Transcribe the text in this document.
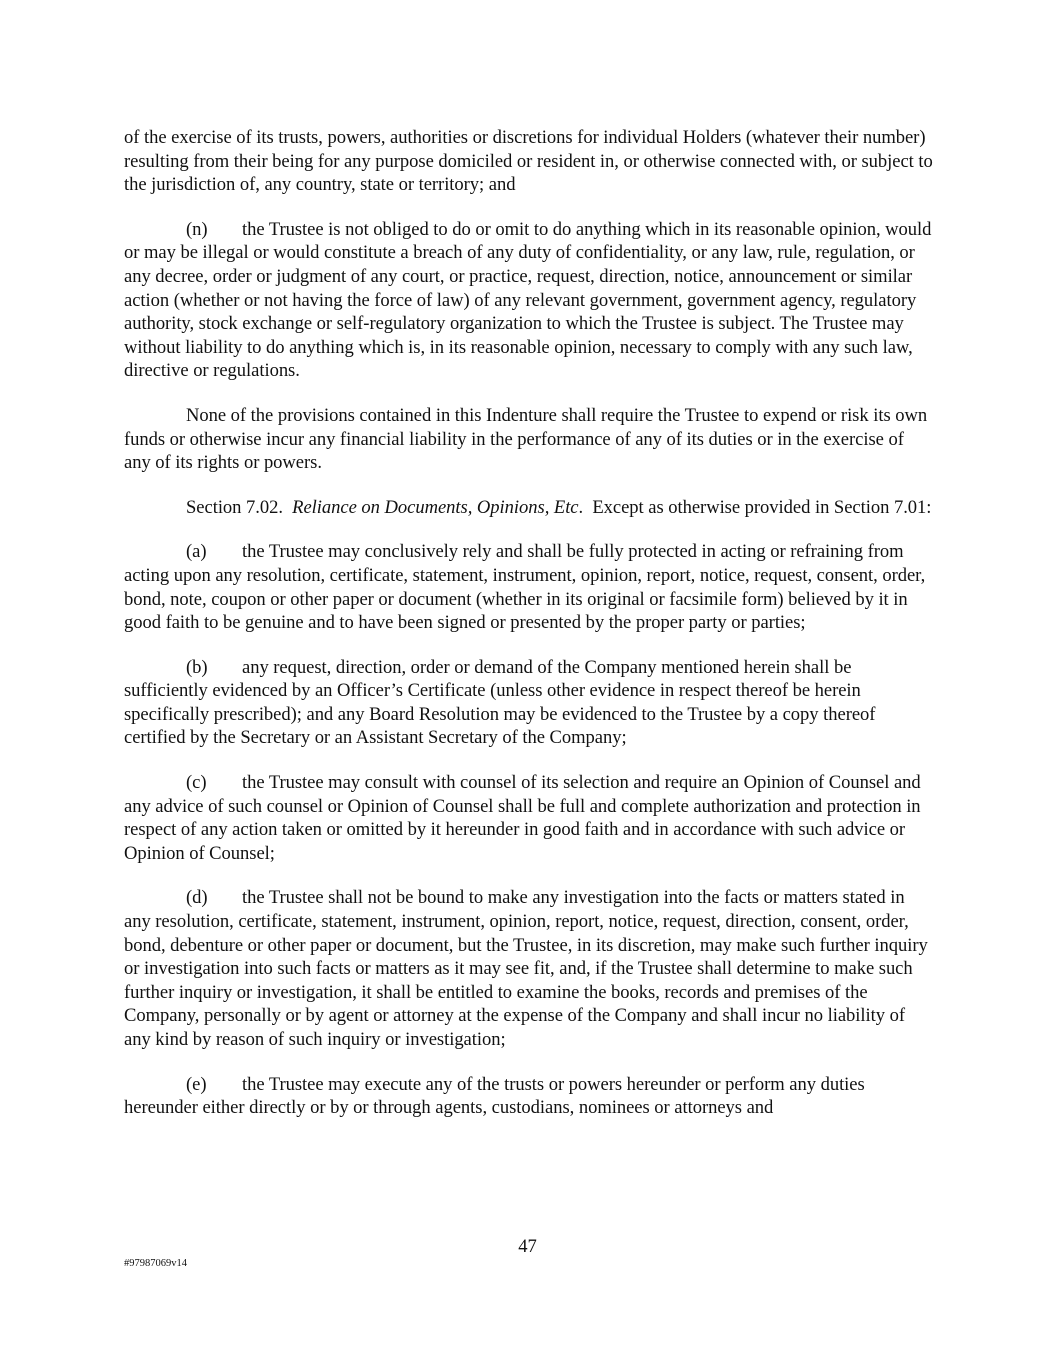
of the exercise of its trusts, powers, authorities or discretions for individual Holders (whatever their number) resulting from their being for any purpose domiciled or resident in, or otherwise connected with, or subject to the jurisdiction of, any country, state or territory; and

(n) the Trustee is not obliged to do or omit to do anything which in its reasonable opinion, would or may be illegal or would constitute a breach of any duty of confidentiality, or any law, rule, regulation, or any decree, order or judgment of any court, or practice, request, direction, notice, announcement or similar action (whether or not having the force of law) of any relevant government, government agency, regulatory authority, stock exchange or self-regulatory organization to which the Trustee is subject. The Trustee may without liability to do anything which is, in its reasonable opinion, necessary to comply with any such law, directive or regulations.

None of the provisions contained in this Indenture shall require the Trustee to expend or risk its own funds or otherwise incur any financial liability in the performance of any of its duties or in the exercise of any of its rights or powers.

Section 7.02. Reliance on Documents, Opinions, Etc. Except as otherwise provided in Section 7.01:

(a) the Trustee may conclusively rely and shall be fully protected in acting or refraining from acting upon any resolution, certificate, statement, instrument, opinion, report, notice, request, consent, order, bond, note, coupon or other paper or document (whether in its original or facsimile form) believed by it in good faith to be genuine and to have been signed or presented by the proper party or parties;

(b) any request, direction, order or demand of the Company mentioned herein shall be sufficiently evidenced by an Officer’s Certificate (unless other evidence in respect thereof be herein specifically prescribed); and any Board Resolution may be evidenced to the Trustee by a copy thereof certified by the Secretary or an Assistant Secretary of the Company;

(c) the Trustee may consult with counsel of its selection and require an Opinion of Counsel and any advice of such counsel or Opinion of Counsel shall be full and complete authorization and protection in respect of any action taken or omitted by it hereunder in good faith and in accordance with such advice or Opinion of Counsel;

(d) the Trustee shall not be bound to make any investigation into the facts or matters stated in any resolution, certificate, statement, instrument, opinion, report, notice, request, direction, consent, order, bond, debenture or other paper or document, but the Trustee, in its discretion, may make such further inquiry or investigation into such facts or matters as it may see fit, and, if the Trustee shall determine to make such further inquiry or investigation, it shall be entitled to examine the books, records and premises of the Company, personally or by agent or attorney at the expense of the Company and shall incur no liability of any kind by reason of such inquiry or investigation;

(e) the Trustee may execute any of the trusts or powers hereunder or perform any duties hereunder either directly or by or through agents, custodians, nominees or attorneys and

47
#97987069v14
